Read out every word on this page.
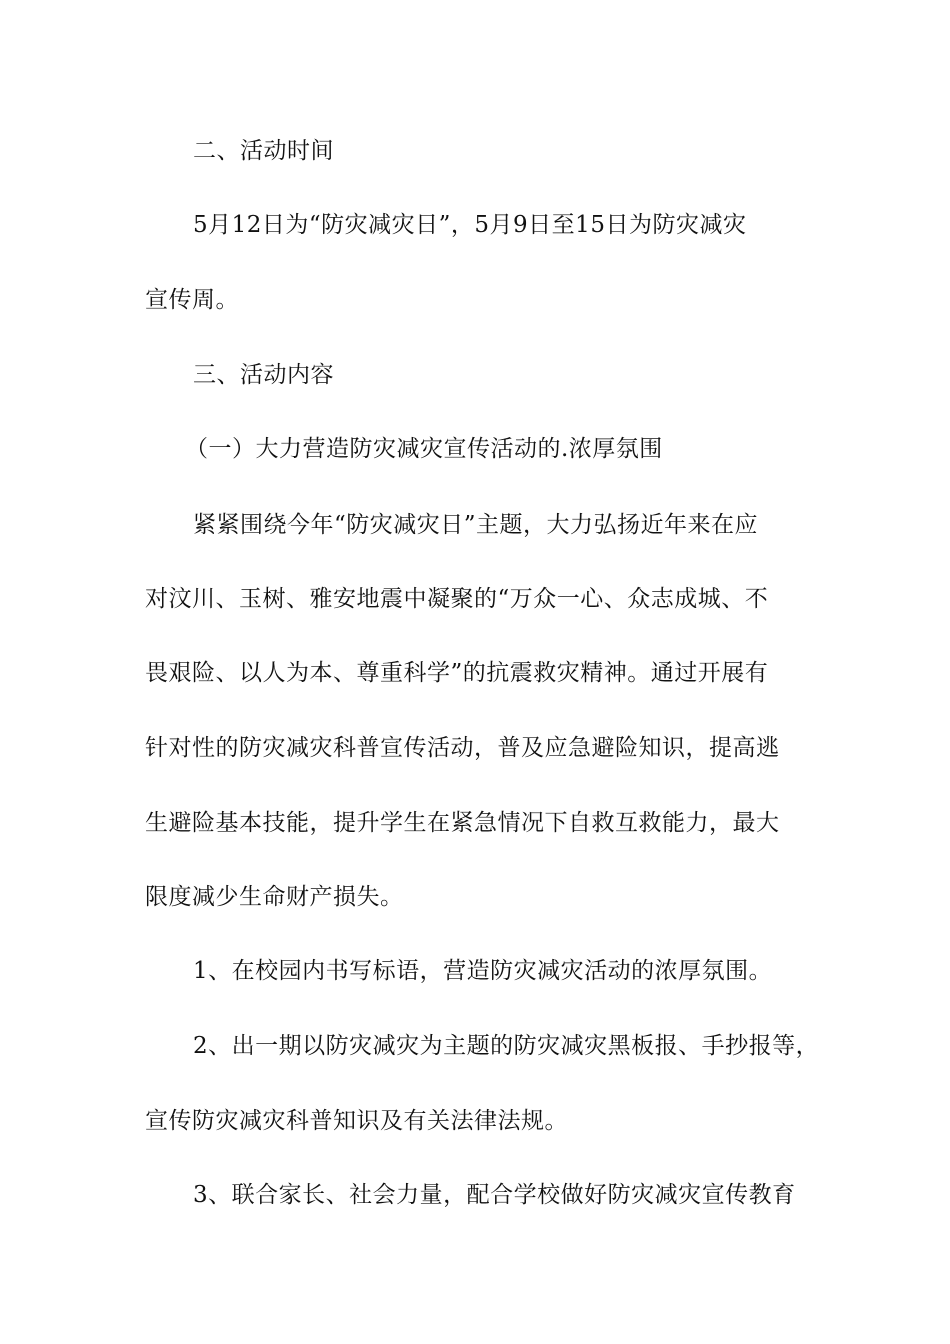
二、活动时间

5月12日为“防灾减灾日”，5月9日至15日为防灾减灾

宣传周。

三、活动内容

（一）大力营造防灾减灾宣传活动的.浓厚氛围

紧紧围绕今年“防灾减灾日”主题，大力弘扬近年来在应

对汶川、玉树、雅安地震中凝聚的“万众一心、众志成城、不

畏艰险、以人为本、尊重科学”的抗震救灾精神。通过开展有

针对性的防灾减灾科普宣传活动，普及应急避险知识，提高逃

生避险基本技能，提升学生在紧急情况下自救互救能力，最大

限度减少生命财产损失。

1、在校园内书写标语，营造防灾减灾活动的浓厚氛围。

2、出一期以防灾减灾为主题的防灾减灾黑板报、手抄报等，

宣传防灾减灾科普知识及有关法律法规。

3、联合家长、社会力量，配合学校做好防灾减灾宣传教育
